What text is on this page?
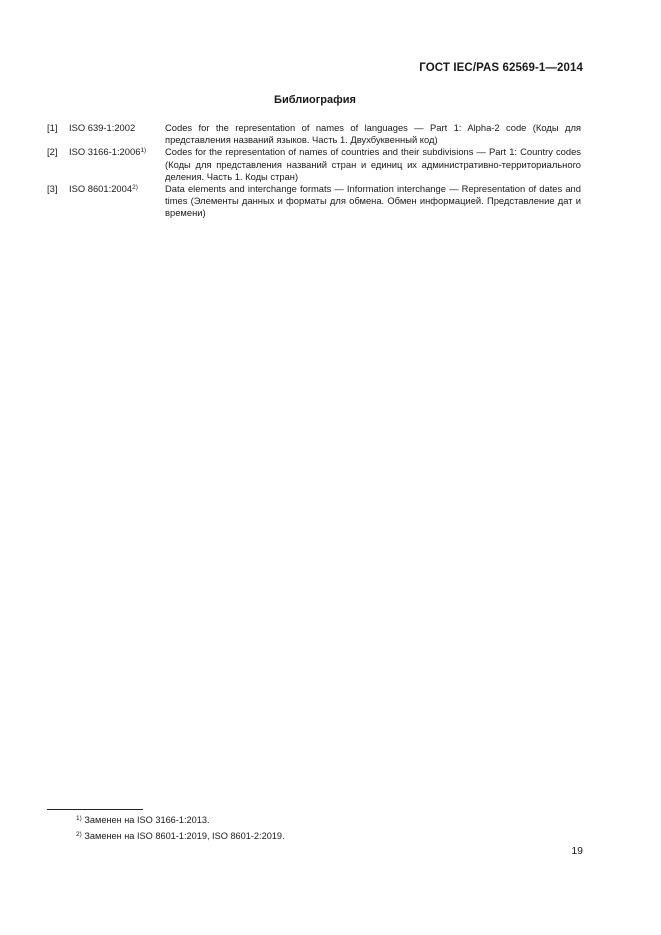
ГОСТ IEC/PAS 62569-1—2014
Библиография
[1]	ISO 639-1:2002	Codes for the representation of names of languages — Part 1: Alpha-2 code (Коды для представления названий языков. Часть 1. Двухбуквенный код)
[2]	ISO 3166-1:2006$^{1)}$	Codes for the representation of names of countries and their subdivisions — Part 1: Country codes (Коды для представления названий стран и единиц их административно-территориального деления. Часть 1. Коды стран)
[3]	ISO 8601:2004$^{2)}$	Data elements and interchange formats — Information interchange — Representation of dates and times (Элементы данных и форматы для обмена. Обмен информацией. Представление дат и времени)
$^{1)}$ Заменен на ISO 3166-1:2013.
$^{2)}$ Заменен на ISO 8601-1:2019, ISO 8601-2:2019.
19
